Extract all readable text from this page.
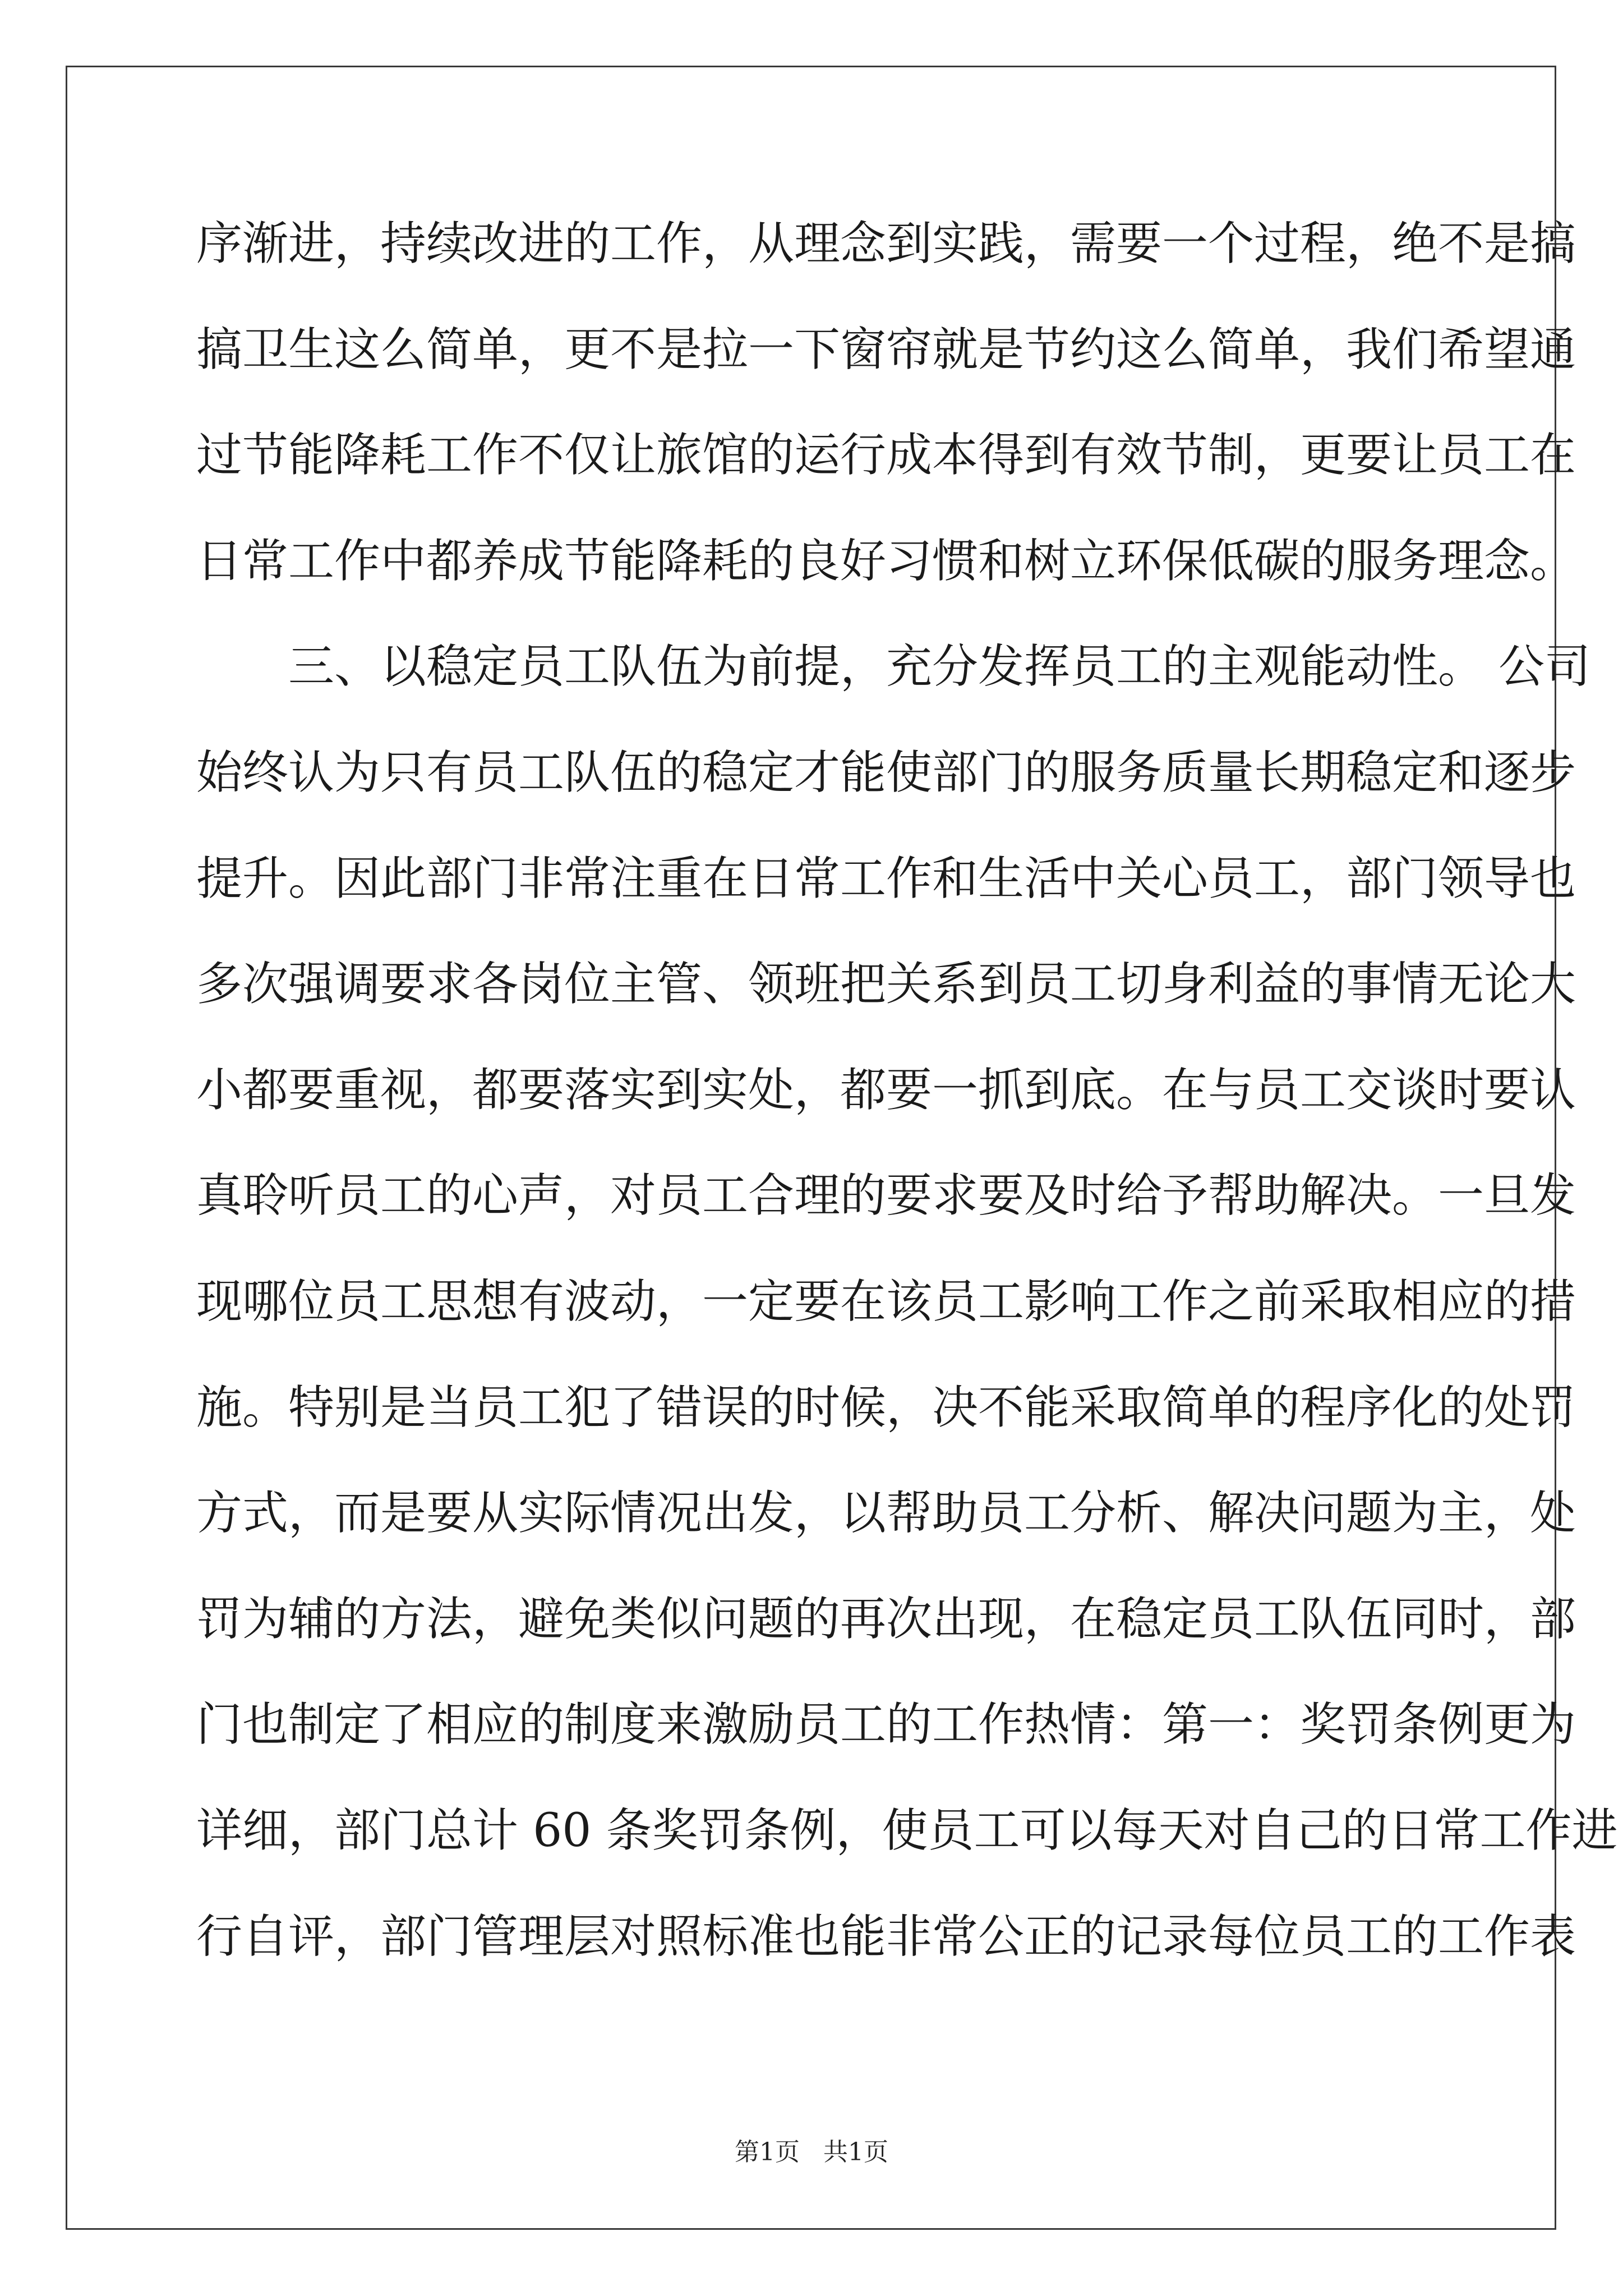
序渐进，持续改进的工作，从理念到实践，需要一个过程，绝不是搞
搞卫生这么简单，更不是拉一下窗帘就是节约这么简单，我们希望通
过节能降耗工作不仅让旅馆的运行成本得到有效节制，更要让员工在
日常工作中都养成节能降耗的良好习惯和树立环保低碳的服务理念。
　　三、以稳定员工队伍为前提，充分发挥员工的主观能动性。 公司
始终认为只有员工队伍的稳定才能使部门的服务质量长期稳定和逐步
提升。因此部门非常注重在日常工作和生活中关心员工，部门领导也
多次强调要求各岗位主管、领班把关系到员工切身利益的事情无论大
小都要重视，都要落实到实处，都要一抓到底。在与员工交谈时要认
真聆听员工的心声，对员工合理的要求要及时给予帮助解决。一旦发
现哪位员工思想有波动，一定要在该员工影响工作之前采取相应的措
施。特别是当员工犯了错误的时候，决不能采取简单的程序化的处罚
方式，而是要从实际情况出发，以帮助员工分析、解决问题为主，处
罚为辅的方法，避免类似问题的再次出现，在稳定员工队伍同时，部
门也制定了相应的制度来激励员工的工作热情：第一：奖罚条例更为
详细，部门总计 60 条奖罚条例，使员工可以每天对自己的日常工作进
行自评，部门管理层对照标准也能非常公正的记录每位员工的工作表
第1页   共1页
